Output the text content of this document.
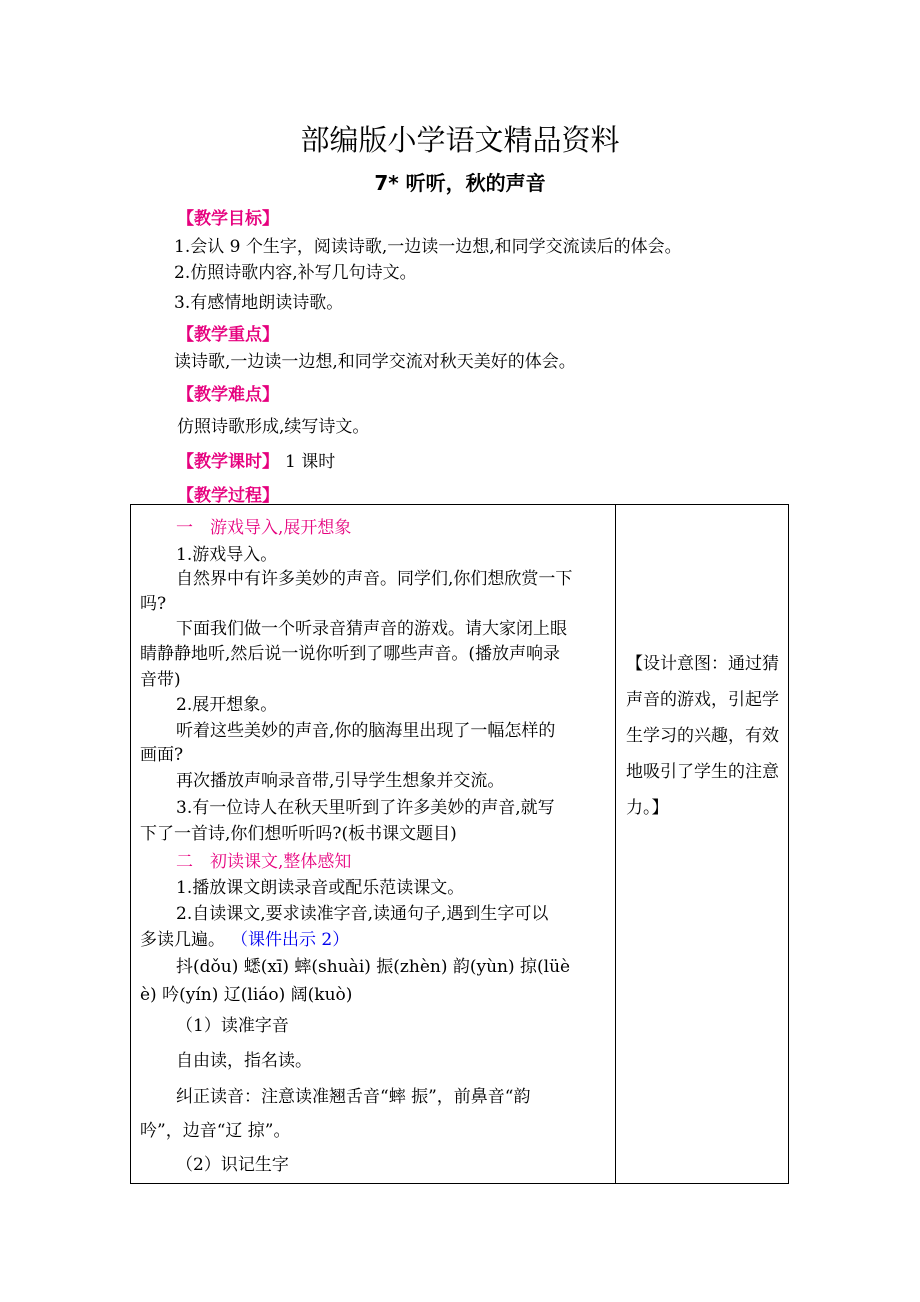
部编版小学语文精品资料
7* 听听，秋的声音
【教学目标】
1.会认 9 个生字，阅读诗歌,一边读一边想,和同学交流读后的体会。
2.仿照诗歌内容,补写几句诗文。
3.有感情地朗读诗歌。
【教学重点】
读诗歌,一边读一边想,和同学交流对秋天美好的体会。
【教学难点】
仿照诗歌形成,续写诗文。
【教学课时】 1 课时
【教学过程】
一　游戏导入,展开想象
1.游戏导入。
自然界中有许多美妙的声音。同学们,你们想欣赏一下
吗?
下面我们做一个听录音猜声音的游戏。请大家闭上眼
睛静静地听,然后说一说你听到了哪些声音。(播放声响录
音带)
2.展开想象。
听着这些美妙的声音,你的脑海里出现了一幅怎样的
画面?
再次播放声响录音带,引导学生想象并交流。
3.有一位诗人在秋天里听到了许多美妙的声音,就写
下了一首诗,你们想听听吗?(板书课文题目)
二　初读课文,整体感知
1.播放课文朗读录音或配乐范读课文。
2.自读课文,要求读准字音,读通句子,遇到生字可以
多读几遍。 （课件出示 2）
抖(dǒu) 蟋(xī) 蟀(shuài) 振(zhèn) 韵(yùn) 掠(lüè
è) 吟(yín) 辽(liáo) 阔(kuò)
（1）读准字音
自由读，指名读。
纠正读音：注意读准翘舌音“蟀 振”，前鼻音“韵
吟”，边音“辽 掠”。
（2）识记生字
【设计意图：通过猜声音的游戏，引起学生学习的兴趣，有效地吸引了学生的注意力。】
